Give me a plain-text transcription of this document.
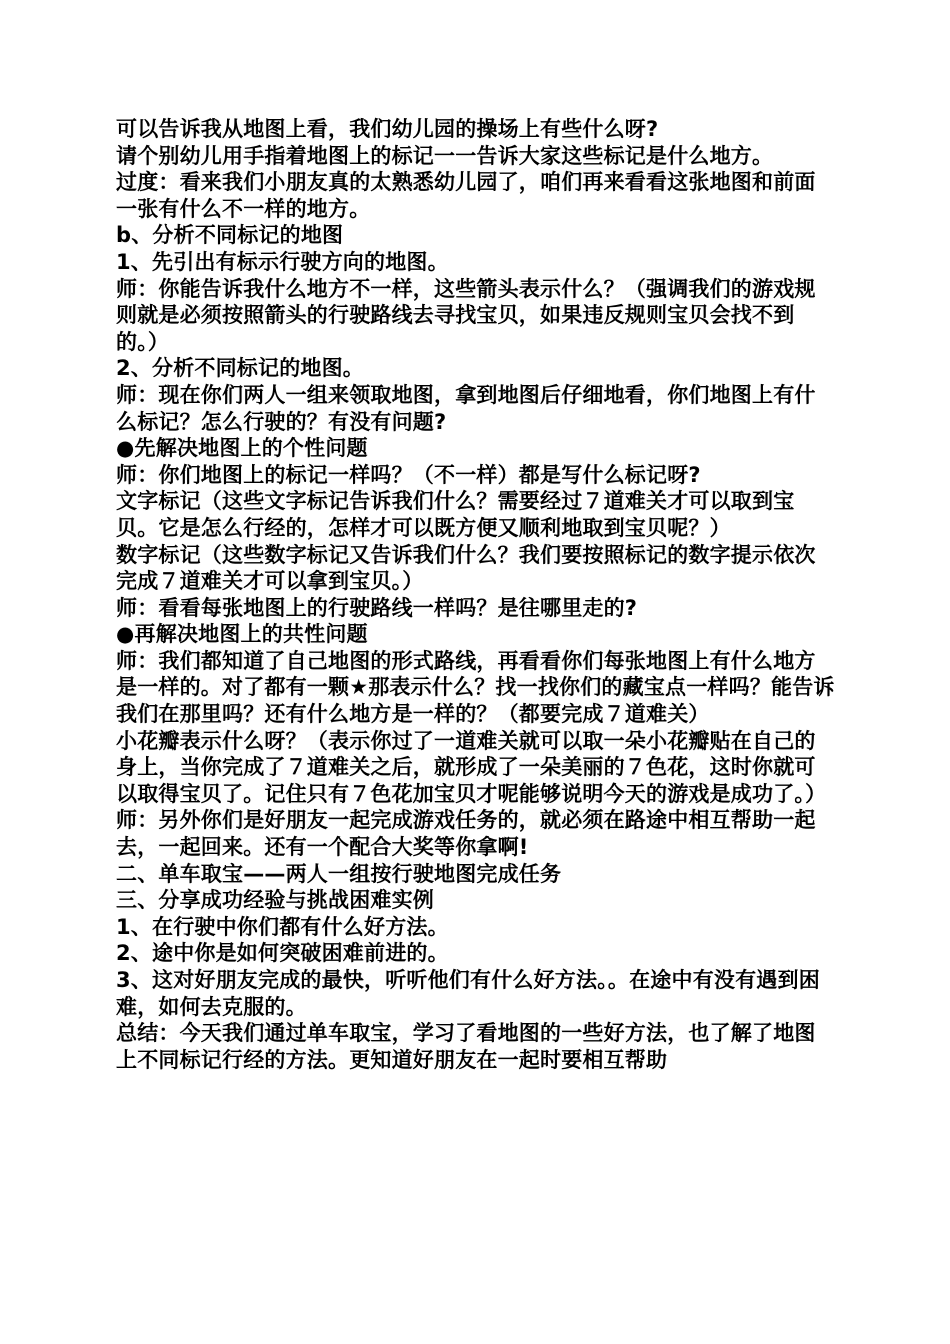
可以告诉我从地图上看，我们幼儿园的操场上有些什么呀?

请个别幼儿用手指着地图上的标记一一告诉大家这些标记是什么地方。

过度：看来我们小朋友真的太熟悉幼儿园了，咱们再来看看这张地图和前面一张有什么不一样的地方。

b、分析不同标记的地图

1、先引出有标示行驶方向的地图。

师：你能告诉我什么地方不一样，这些箭头表示什么？（强调我们的游戏规则就是必须按照箭头的行驶路线去寻找宝贝，如果违反规则宝贝会找不到的。）

2、分析不同标记的地图。

师：现在你们两人一组来领取地图，拿到地图后仔细地看，你们地图上有什么标记？怎么行驶的？有没有问题?

●先解决地图上的个性问题

师：你们地图上的标记一样吗？（不一样）都是写什么标记呀?

文字标记（这些文字标记告诉我们什么？需要经过７道难关才可以取到宝贝。它是怎么行经的，怎样才可以既方便又顺利地取到宝贝呢？）

数字标记（这些数字标记又告诉我们什么？我们要按照标记的数字提示依次完成７道难关才可以拿到宝贝。）

师：看看每张地图上的行驶路线一样吗？是往哪里走的?

●再解决地图上的共性问题

师：我们都知道了自己地图的形式路线，再看看你们每张地图上有什么地方是一样的。对了都有一颗★那表示什么？找一找你们的藏宝点一样吗？能告诉我们在那里吗？还有什么地方是一样的？（都要完成７道难关）

小花瓣表示什么呀？（表示你过了一道难关就可以取一朵小花瓣贴在自己的身上，当你完成了７道难关之后，就形成了一朵美丽的７色花，这时你就可以取得宝贝了。记住只有７色花加宝贝才呢能够说明今天的游戏是成功了。）

师：另外你们是好朋友一起完成游戏任务的，就必须在路途中相互帮助一起去，一起回来。还有一个配合大奖等你拿啊!

二、单车取宝——两人一组按行驶地图完成任务

三、分享成功经验与挑战困难实例

1、在行驶中你们都有什么好方法。

2、途中你是如何突破困难前进的。

3、这对好朋友完成的最快，听听他们有什么好方法。。在途中有没有遇到困难，如何去克服的。

总结：今天我们通过单车取宝，学习了看地图的一些好方法，也了解了地图上不同标记行经的方法。更知道好朋友在一起时要相互帮助
